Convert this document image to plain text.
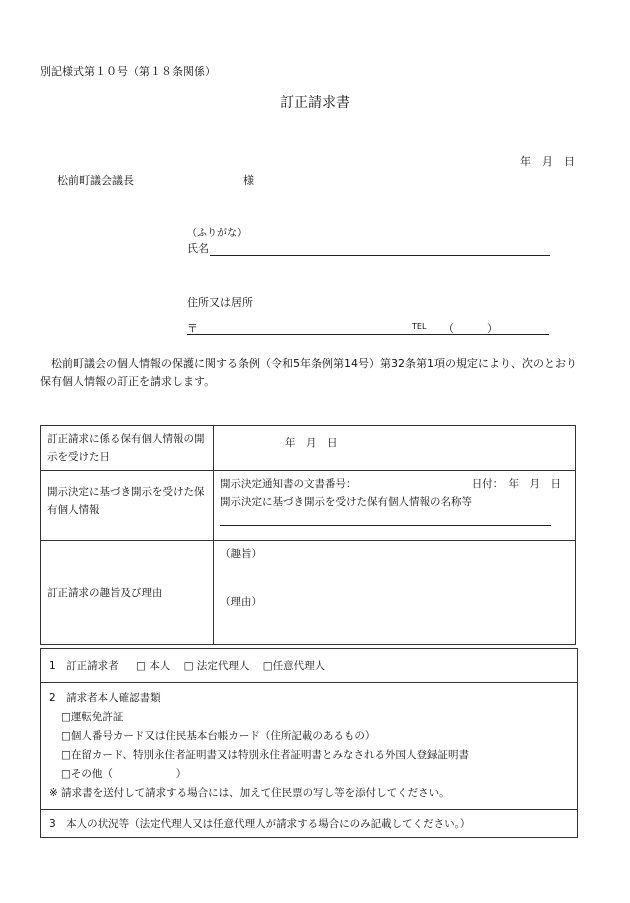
別記様式第１０号（第１８条関係）
訂正請求書
年　月　日
松前町議会議長	様
（ふりがな）
氏名
住所又は居所
〒	TEL （　　　）
松前町議会の個人情報の保護に関する条例（令和5年条例第14号）第32条第1項の規定により、次のとおり保有個人情報の訂正を請求します。
訂正請求に係る保有個人情報の開示を受けた日	年　月　日

開示決定に基づき開示を受けた保有個人情報	開示決定通知書の文書番号： 日付：　年　月　日
開示決定に基づき開示を受けた保有個人情報の名称等

訂正請求の趣旨及び理由	（趣旨）
（理由）
1　訂正請求者 □ 本人 □ 法定代理人 □任意代理人

2　請求者本人確認書類

□運転免許証

□個人番号カード又は住民基本台帳カード（住所記載のあるもの）

□在留カード、特別永住者証明書又は特別永住者証明書とみなされる外国人登録証明書

□その他（　　　　　　）

※ 請求書を送付して請求する場合には、加えて住民票の写し等を添付してください。

3　本人の状況等（法定代理人又は任意代理人が請求する場合にのみ記載してください。）
